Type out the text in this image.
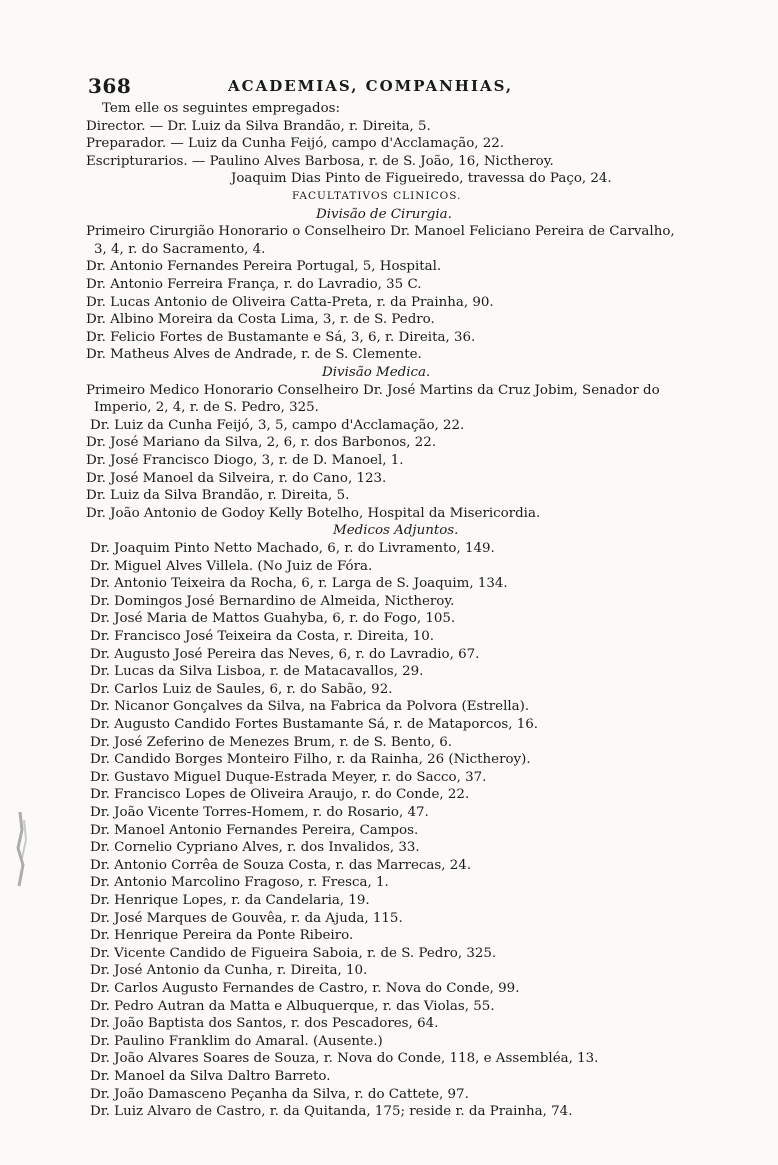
368	ACADEMIAS, COMPANHIAS,
Tem elle os seguintes empregados:
Director. — Dr. Luiz da Silva Brandão, r. Direita, 5.
Preparador. — Luiz da Cunha Feijó, campo d'Acclamação, 22.
Escripturarios. — Paulino Alves Barbosa, r. de S. João, 16, Nictheroy.
Joaquim Dias Pinto de Figueiredo, travessa do Paço, 24.
FACULTATIVOS CLINICOS.
Divisão de Cirurgia.
Primeiro Cirurgião Honorario o Conselheiro Dr. Manoel Feliciano Pereira de Carvalho,
3, 4, r. do Sacramento, 4.
Dr. Antonio Fernandes Pereira Portugal, 5, Hospital.
Dr. Antonio Ferreira França, r. do Lavradio, 35 C.
Dr. Lucas Antonio de Oliveira Catta-Preta, r. da Prainha, 90.
Dr. Albino Moreira da Costa Lima, 3, r. de S. Pedro.
Dr. Felicio Fortes de Bustamante e Sá, 3, 6, r. Direita, 36.
Dr. Matheus Alves de Andrade, r. de S. Clemente.
Divisão Medica.
Primeiro Medico Honorario Conselheiro Dr. José Martins da Cruz Jobim, Senador do
Imperio, 2, 4, r. de S. Pedro, 325.
Dr. Luiz da Cunha Feijó, 3, 5, campo d'Acclamação, 22.
Dr. José Mariano da Silva, 2, 6, r. dos Barbonos, 22.
Dr. José Francisco Diogo, 3, r. de D. Manoel, 1.
Dr. José Manoel da Silveira, r. do Cano, 123.
Dr. Luiz da Silva Brandão, r. Direita, 5.
Dr. João Antonio de Godoy Kelly Botelho, Hospital da Misericordia.
Medicos Adjuntos.
Dr. Joaquim Pinto Netto Machado, 6, r. do Livramento, 149.
Dr. Miguel Alves Villela. (No Juiz de Fóra.
Dr. Antonio Teixeira da Rocha, 6, r. Larga de S. Joaquim, 134.
Dr. Domingos José Bernardino de Almeida, Nictheroy.
Dr. José Maria de Mattos Guahyba, 6, r. do Fogo, 105.
Dr. Francisco José Teixeira da Costa, r. Direita, 10.
Dr. Augusto José Pereira das Neves, 6, r. do Lavradio, 67.
Dr. Lucas da Silva Lisboa, r. de Matacavallos, 29.
Dr. Carlos Luiz de Saules, 6, r. do Sabão, 92.
Dr. Nicanor Gonçalves da Silva, na Fabrica da Polvora (Estrella).
Dr. Augusto Candido Fortes Bustamante Sá, r. de Mataporcos, 16.
Dr. José Zeferino de Menezes Brum, r. de S. Bento, 6.
Dr. Candido Borges Monteiro Filho, r. da Rainha, 26 (Nictheroy).
Dr. Gustavo Miguel Duque-Estrada Meyer, r. do Sacco, 37.
Dr. Francisco Lopes de Oliveira Araujo, r. do Conde, 22.
Dr. João Vicente Torres-Homem, r. do Rosario, 47.
Dr. Manoel Antonio Fernandes Pereira, Campos.
Dr. Cornelio Cypriano Alves, r. dos Invalidos, 33.
Dr. Antonio Corrêa de Souza Costa, r. das Marrecas, 24.
Dr. Antonio Marcolino Fragoso, r. Fresca, 1.
Dr. Henrique Lopes, r. da Candelaria, 19.
Dr. José Marques de Gouvêa, r. da Ajuda, 115.
Dr. Henrique Pereira da Ponte Ribeiro.
Dr. Vicente Candido de Figueira Saboia, r. de S. Pedro, 325.
Dr. José Antonio da Cunha, r. Direita, 10.
Dr. Carlos Augusto Fernandes de Castro, r. Nova do Conde, 99.
Dr. Pedro Autran da Matta e Albuquerque, r. das Violas, 55.
Dr. João Baptista dos Santos, r. dos Pescadores, 64.
Dr. Paulino Franklim do Amaral. (Ausente.)
Dr. João Alvares Soares de Souza, r. Nova do Conde, 118, e Assembléa, 13.
Dr. Manoel da Silva Daltro Barreto.
Dr. João Damasceno Peçanha da Silva, r. do Cattete, 97.
Dr. Luiz Alvaro de Castro, r. da Quitanda, 175; reside r. da Prainha, 74.
